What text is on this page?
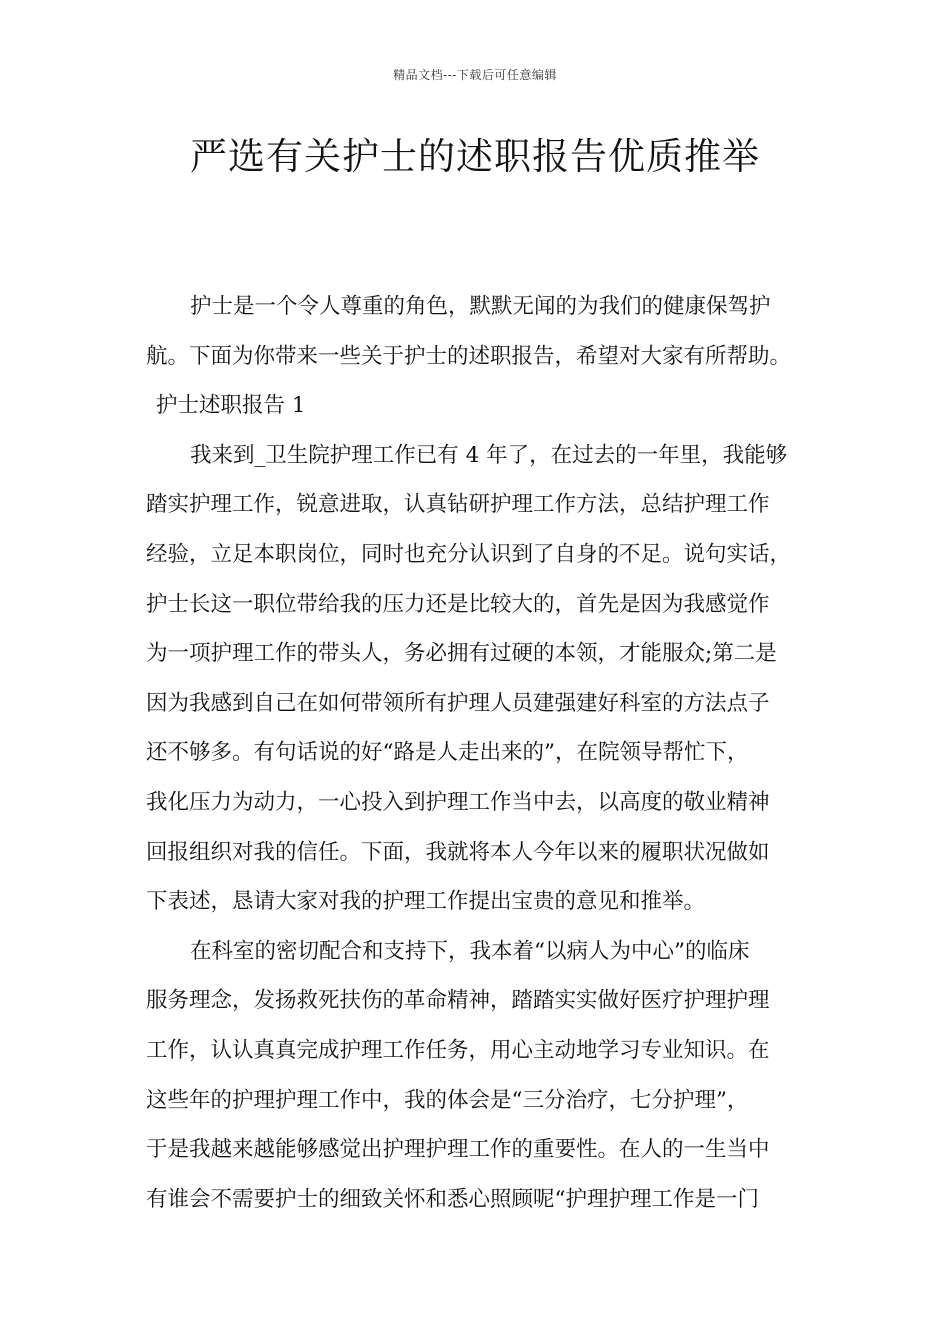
精品文档---下载后可任意编辑
严选有关护士的述职报告优质推举
护士是一个令人尊重的角色，默默无闻的为我们的健康保驾护
航。下面为你带来一些关于护士的述职报告，希望对大家有所帮助。
护士述职报告 1
我来到_卫生院护理工作已有 4 年了，在过去的一年里，我能够
踏实护理工作，锐意进取，认真钻研护理工作方法，总结护理工作
经验，立足本职岗位，同时也充分认识到了自身的不足。说句实话，
护士长这一职位带给我的压力还是比较大的，首先是因为我感觉作
为一项护理工作的带头人，务必拥有过硬的本领，才能服众;第二是
因为我感到自己在如何带领所有护理人员建强建好科室的方法点子
还不够多。有句话说的好“路是人走出来的”，在院领导帮忙下，
我化压力为动力，一心投入到护理工作当中去，以高度的敬业精神
回报组织对我的信任。下面，我就将本人今年以来的履职状况做如
下表述，恳请大家对我的护理工作提出宝贵的意见和推举。
在科室的密切配合和支持下，我本着“以病人为中心”的临床
服务理念，发扬救死扶伤的革命精神，踏踏实实做好医疗护理护理
工作，认认真真完成护理工作任务，用心主动地学习专业知识。在
这些年的护理护理工作中，我的体会是“三分治疗，七分护理”，
于是我越来越能够感觉出护理护理工作的重要性。在人的一生当中
有谁会不需要护士的细致关怀和悉心照顾呢“护理护理工作是一门
